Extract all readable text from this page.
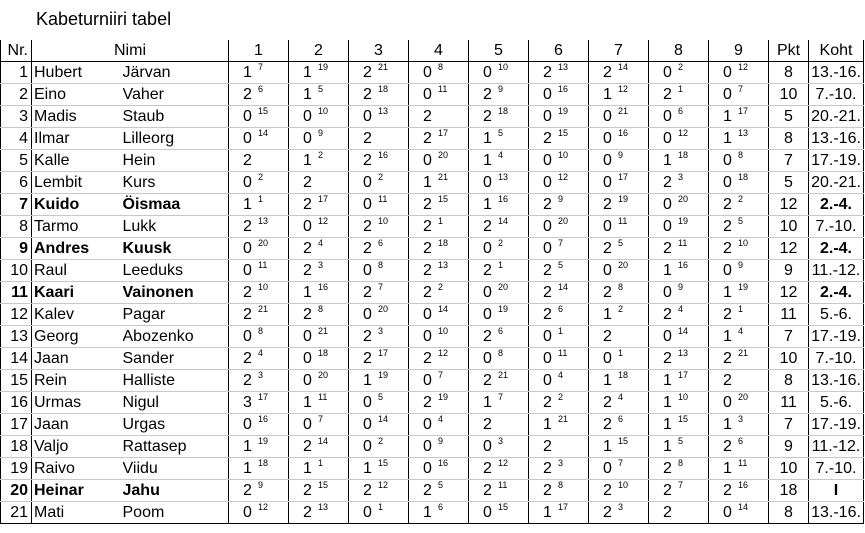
Kabeturniiri tabel
Nr.	Nimi		1	2	3	4	5	6	7	8	9	Pkt	Koht
1	Hubert	Järvan	1 7	1 19	2 21	0 8	0 10	2 13	2 14	0 2	0 12	8	13.-16.
2	Eino	Vaher	2 6	1 5	2 18	0 11	2 9	0 16	1 12	2 1	0 7	10	7.-10.
3	Madis	Staub	0 15	0 10	0 13	2	2 18	0 19	0 21	0 6	1 17	5	20.-21.
4	Ilmar	Lilleorg	0 14	0 9	2	2 17	1 5	2 15	0 16	0 12	1 13	8	13.-16.
5	Kalle	Hein	2	1 2	2 16	0 20	1 4	0 10	0 9	1 18	0 8	7	17.-19.
6	Lembit	Kurs	0 2	2	0 2	1 21	0 13	0 12	0 17	2 3	0 18	5	20.-21.
7	Kuido	Öismaa	1 1	2 17	0 11	2 15	1 16	2 9	2 19	0 20	2 2	12	2.-4.
8	Tarmo	Lukk	2 13	0 12	2 10	2 1	2 14	0 20	0 11	0 19	2 5	10	7.-10.
9	Andres	Kuusk	0 20	2 4	2 6	2 18	0 2	0 7	2 5	2 11	2 10	12	2.-4.
10	Raul	Leeduks	0 11	2 3	0 8	2 13	2 1	2 5	0 20	1 16	0 9	9	11.-12.
11	Kaari	Vainonen	2 10	1 16	2 7	2 2	0 20	2 14	2 8	0 9	1 19	12	2.-4.
12	Kalev	Pagar	2 21	2 8	0 20	0 14	0 19	2 6	1 2	2 4	2 1	11	5.-6.
13	Georg	Abozenko	0 8	0 21	2 3	0 10	2 6	0 1	2	0 14	1 4	7	17.-19.
14	Jaan	Sander	2 4	0 18	2 17	2 12	0 8	0 11	0 1	2 13	2 21	10	7.-10.
15	Rein	Halliste	2 3	0 20	1 19	0 7	2 21	0 4	1 18	1 17	2	8	13.-16.
16	Urmas	Nigul	3 17	1 11	0 5	2 19	1 7	2 2	2 4	1 10	0 20	11	5.-6.
17	Jaan	Urgas	0 16	0 7	0 14	0 4	2	1 21	2 6	1 15	1 3	7	17.-19.
18	Valjo	Rattasep	1 19	2 14	0 2	0 9	0 3	2	1 15	1 5	2 6	9	11.-12.
19	Raivo	Viidu	1 18	1 1	1 15	0 16	2 12	2 3	0 7	2 8	1 11	10	7.-10.
20	Heinar	Jahu	2 9	2 15	2 12	2 5	2 11	2 8	2 10	2 7	2 16	18	I
21	Mati	Poom	0 12	2 13	0 1	1 6	0 15	1 17	2 3	2	0 14	8	13.-16.
